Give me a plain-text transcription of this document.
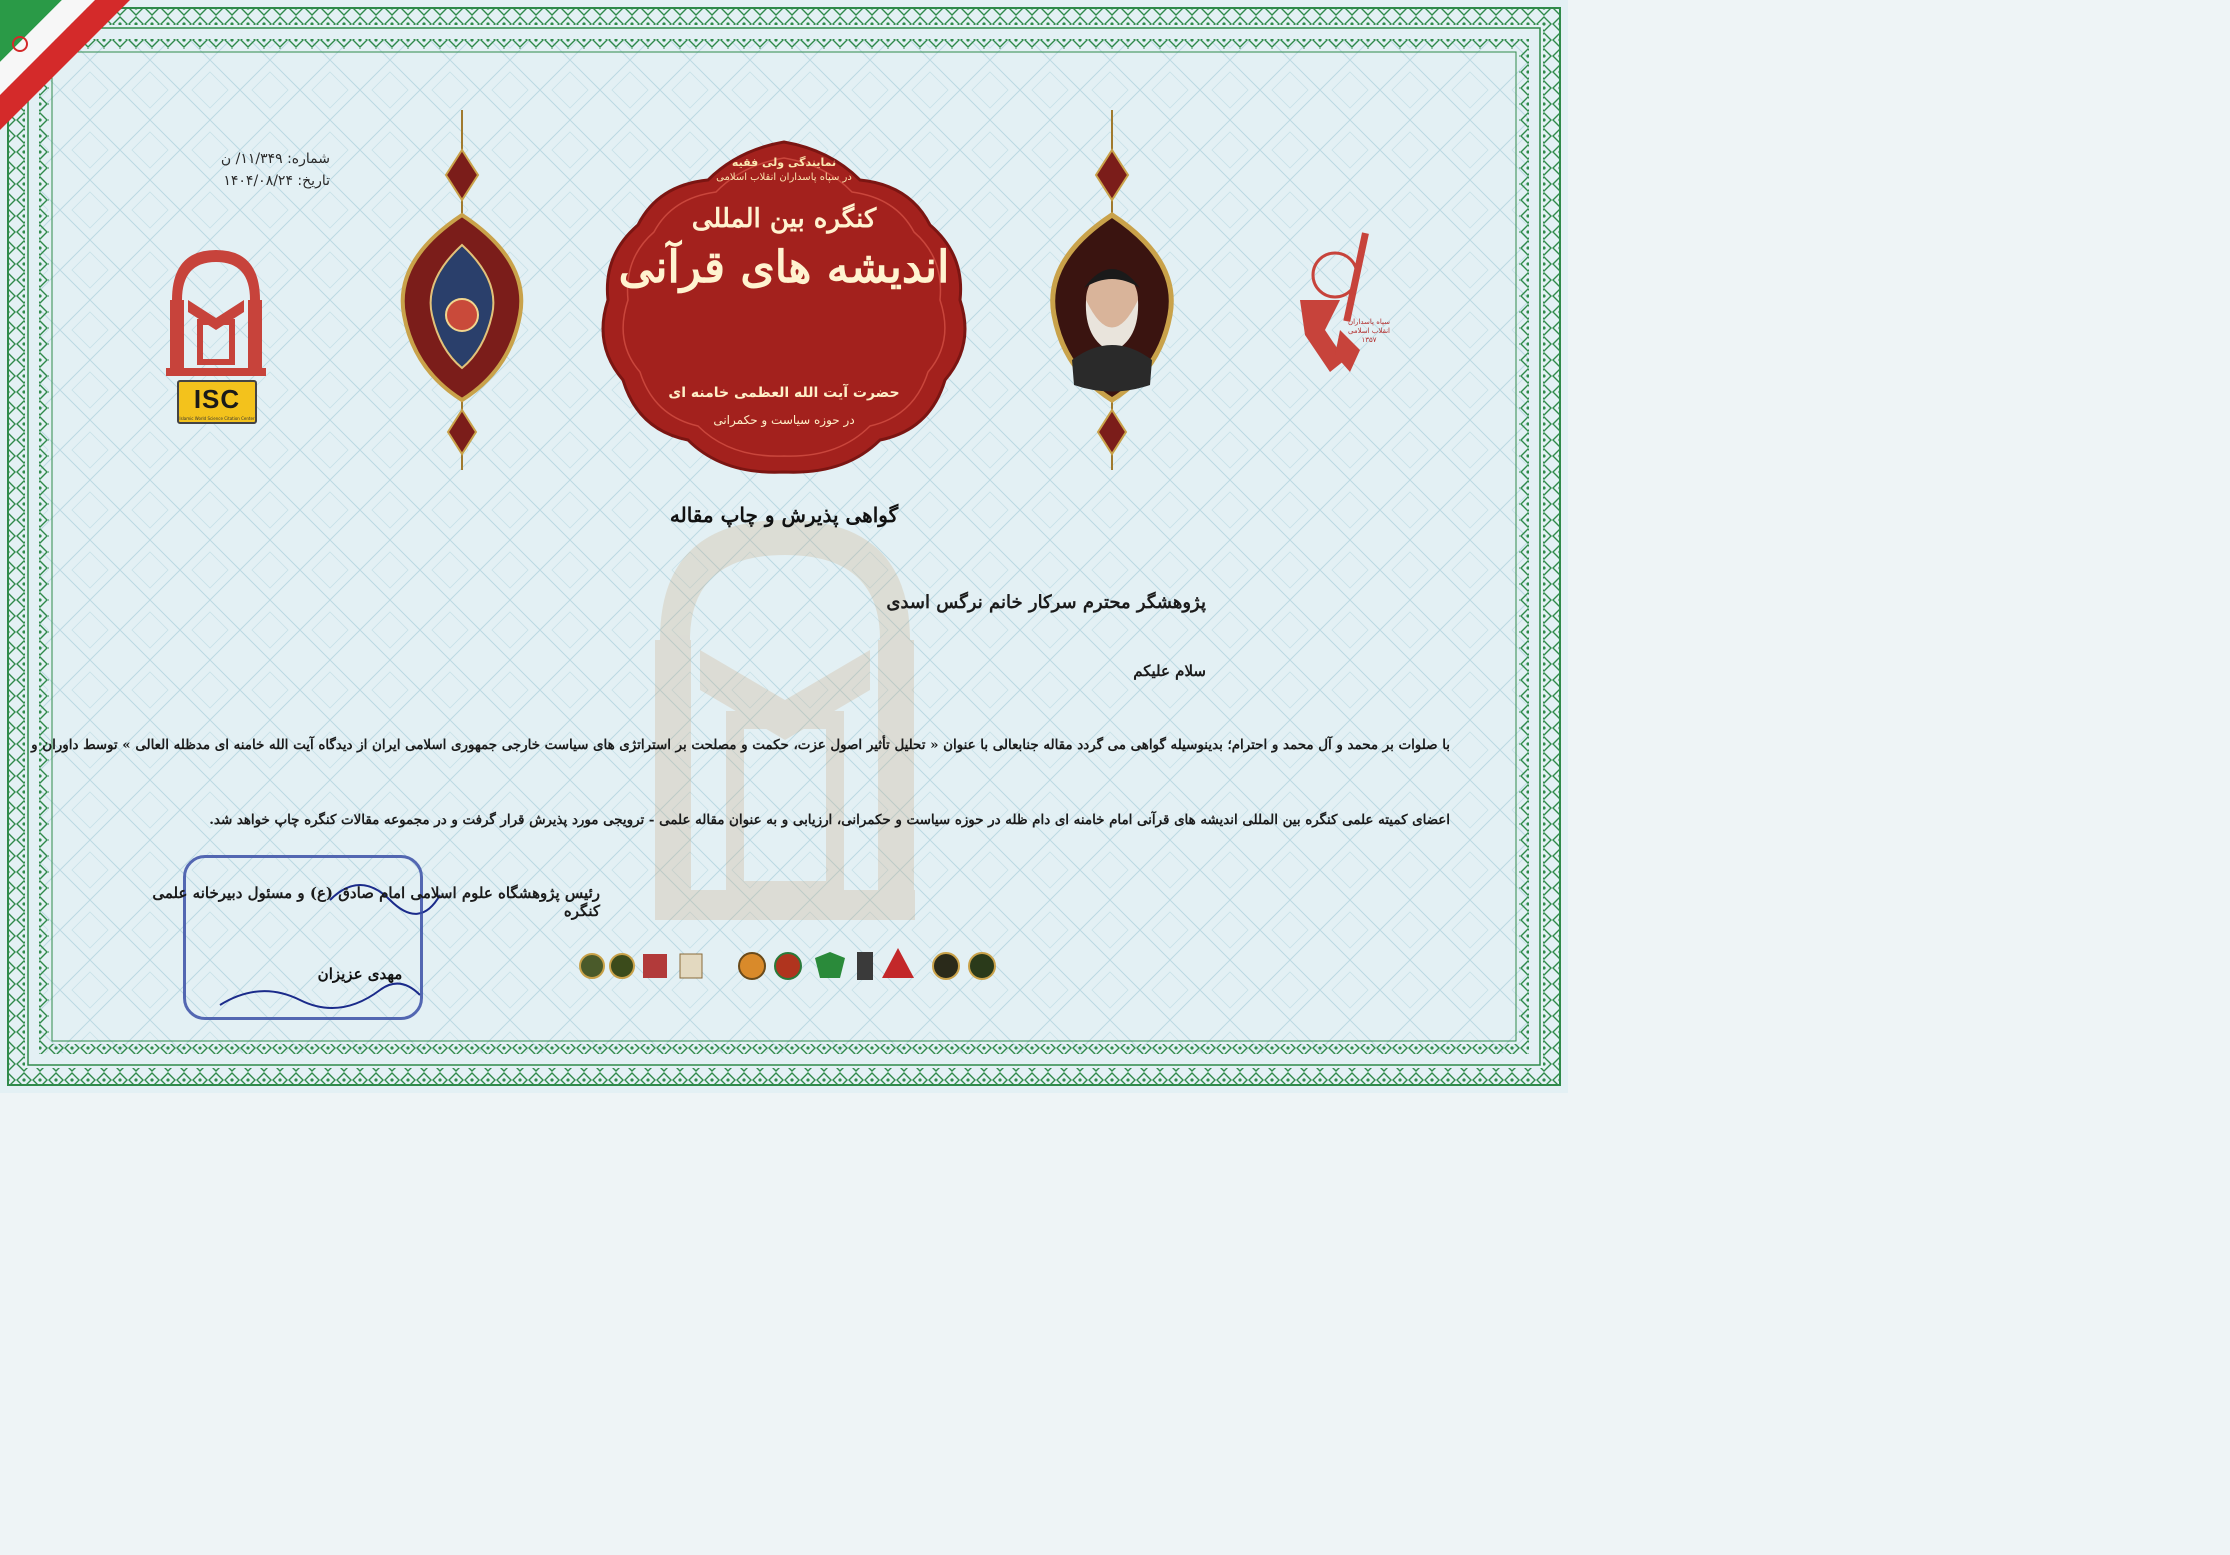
ISC
Islamic World Science Citation Center
سپاه پاسداران انقلاب اسلامی ۱۳۵۷
نمایندگی ولی فقیه
در سپاه پاسداران انقلاب اسلامی
کنگره بین المللی
اندیشه های قرآنی
حضرت آیت الله العظمی خامنه ای
در حوزه سیاست و حکمرانی
شماره: ۱۱/۳۴۹/ ن
تاریخ: ۱۴۰۴/۰۸/۲۴
گواهی پذیرش و چاپ مقاله
پژوهشگر محترم سرکار خانم نرگس اسدی
سلام علیکم
با صلوات بر محمد و آل محمد و احترام؛ بدینوسیله گواهی می گردد مقاله جنابعالی با عنوان « تحلیل تأثیر اصول عزت، حکمت و مصلحت بر استراتژی های سیاست خارجی جمهوری اسلامی ایران از دیدگاه آیت الله خامنه ای مدظله العالی » توسط داوران و
اعضای کمیته علمی کنگره بین المللی اندیشه های قرآنی امام خامنه ای دام ظله در حوزه سیاست و حکمرانی، ارزیابی و به عنوان مقاله علمی - ترویجی مورد پذیرش قرار گرفت و در مجموعه مقالات کنگره چاپ خواهد شد.
رئیس پژوهشگاه علوم اسلامی امام صادق (ع) و مسئول دبیرخانه علمی کنگره
مهدی عزیزان
